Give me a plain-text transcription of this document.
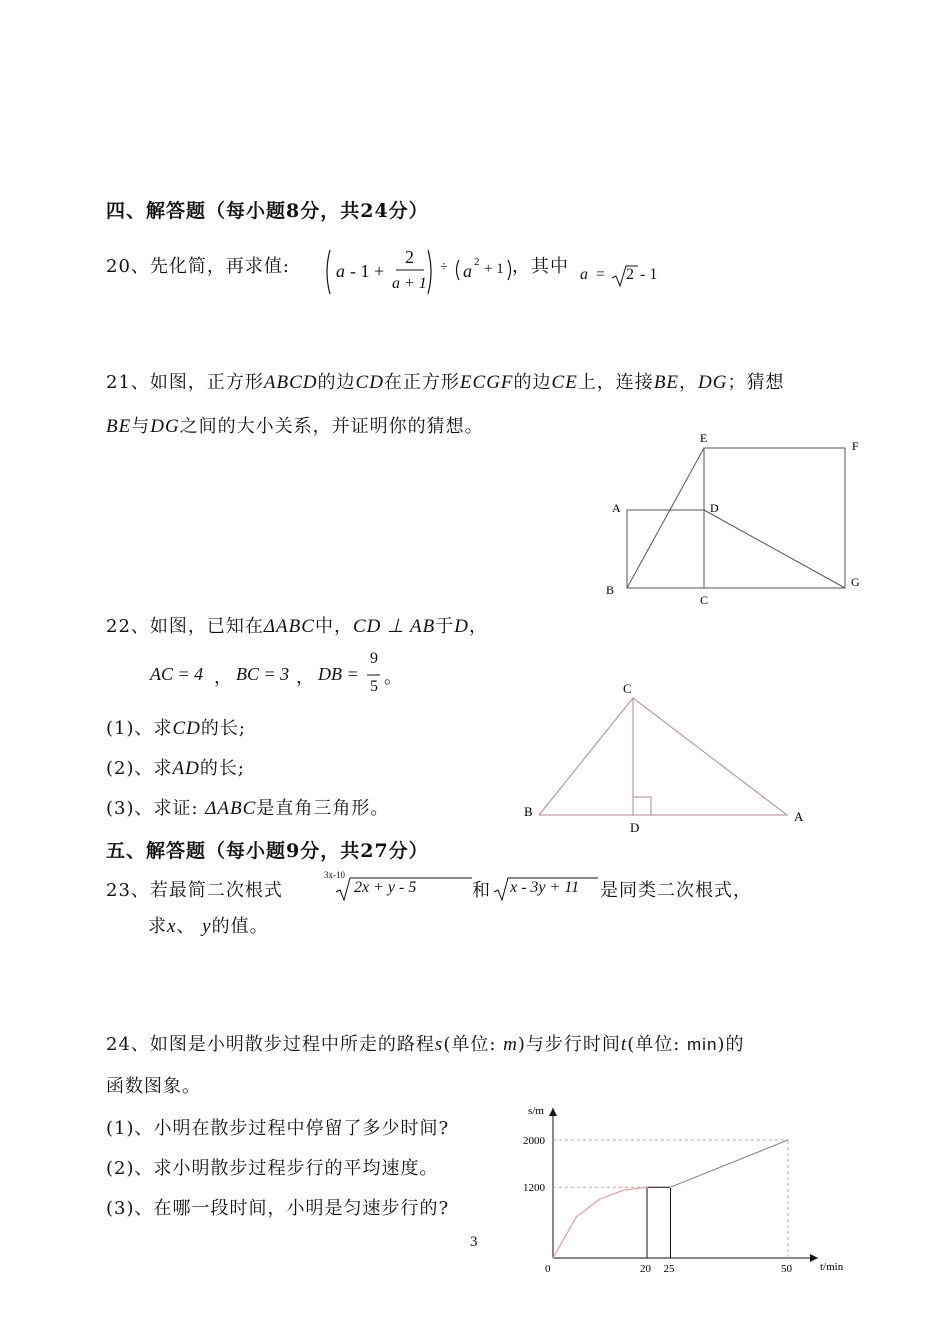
四、解答题（每小题8分，共24分）
20、先化简，再求值:	a - 1 +
2
a + 1
÷ a 2 + 1 ，其中 a = 2 - 1
21、如图，正方形ABCD的边CD在正方形ECGF的边CE上，连接BE，DG；猜想
BE与DG之间的大小关系，并证明你的猜想。
E
F
A	D
B
C
G
22、如图，已知在ΔABC中，CD ⊥ AB于D，
AC = 4 ， BC = 3 ， DB =
9
5 。
(1)、求CD的长;
(2)、求AD的长;
(3)、求证: ΔABC是直角三角形。
C
B
D
A
五、解答题（每小题9分，共27分）
23、若最简二次根式
3x-10
2x + y - 5	和 x - 3y + 11 是同类二次根式，
求x、 y的值。
24、如图是小明散步过程中所走的路程s(单位: m)与步行时间t(单位: min)的
函数图象。
(1)、小明在散步过程中停留了多少时间?
(2)、求小明散步过程步行的平均速度。
(3)、在哪一段时间，小明是匀速步行的?
t/min
s/m
2000
1200
0	20 25	50
3
